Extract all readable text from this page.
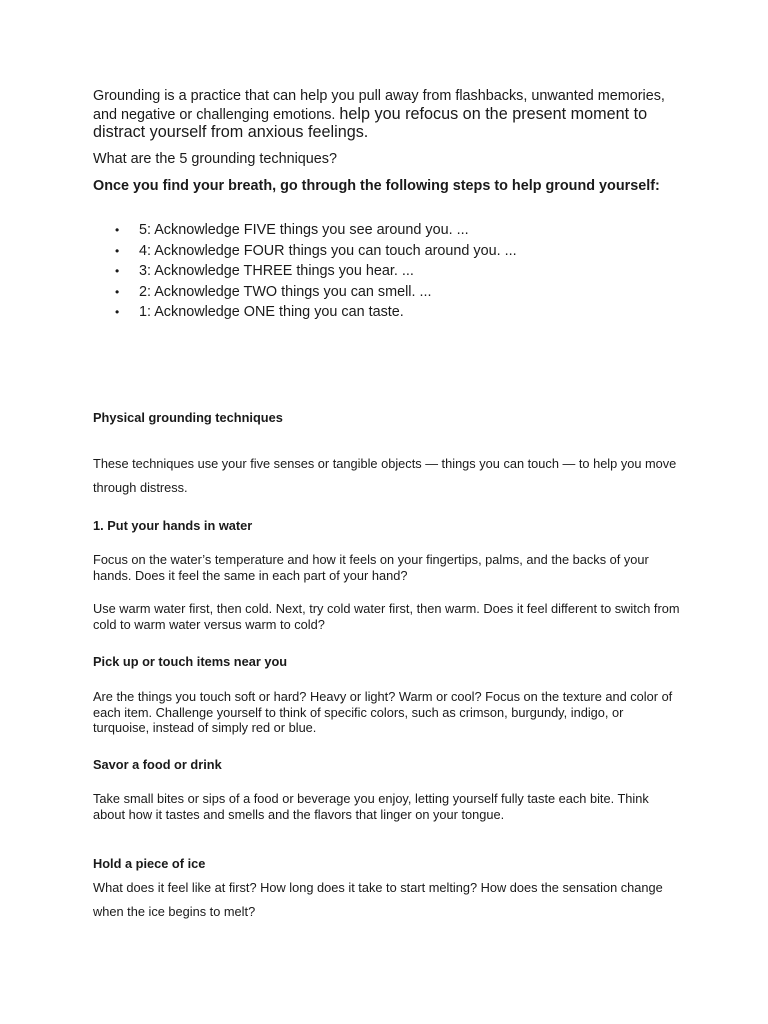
Grounding is a practice that can help you pull away from flashbacks, unwanted memories, and negative or challenging emotions. help you refocus on the present moment to distract yourself from anxious feelings.

What are the 5 grounding techniques?

Once you find your breath, go through the following steps to help ground yourself:

• 5: Acknowledge FIVE things you see around you. ...
• 4: Acknowledge FOUR things you can touch around you. ...
• 3: Acknowledge THREE things you hear. ...
• 2: Acknowledge TWO things you can smell. ...
• 1: Acknowledge ONE thing you can taste.

Physical grounding techniques

These techniques use your five senses or tangible objects — things you can touch — to help you move through distress.

1. Put your hands in water

Focus on the water’s temperature and how it feels on your fingertips, palms, and the backs of your hands. Does it feel the same in each part of your hand?

Use warm water first, then cold. Next, try cold water first, then warm. Does it feel different to switch from cold to warm water versus warm to cold?

Pick up or touch items near you

Are the things you touch soft or hard? Heavy or light? Warm or cool? Focus on the texture and color of each item. Challenge yourself to think of specific colors, such as crimson, burgundy, indigo, or turquoise, instead of simply red or blue.

Savor a food or drink

Take small bites or sips of a food or beverage you enjoy, letting yourself fully taste each bite. Think about how it tastes and smells and the flavors that linger on your tongue.

Hold a piece of ice

What does it feel like at first? How long does it take to start melting? How does the sensation change when the ice begins to melt?
